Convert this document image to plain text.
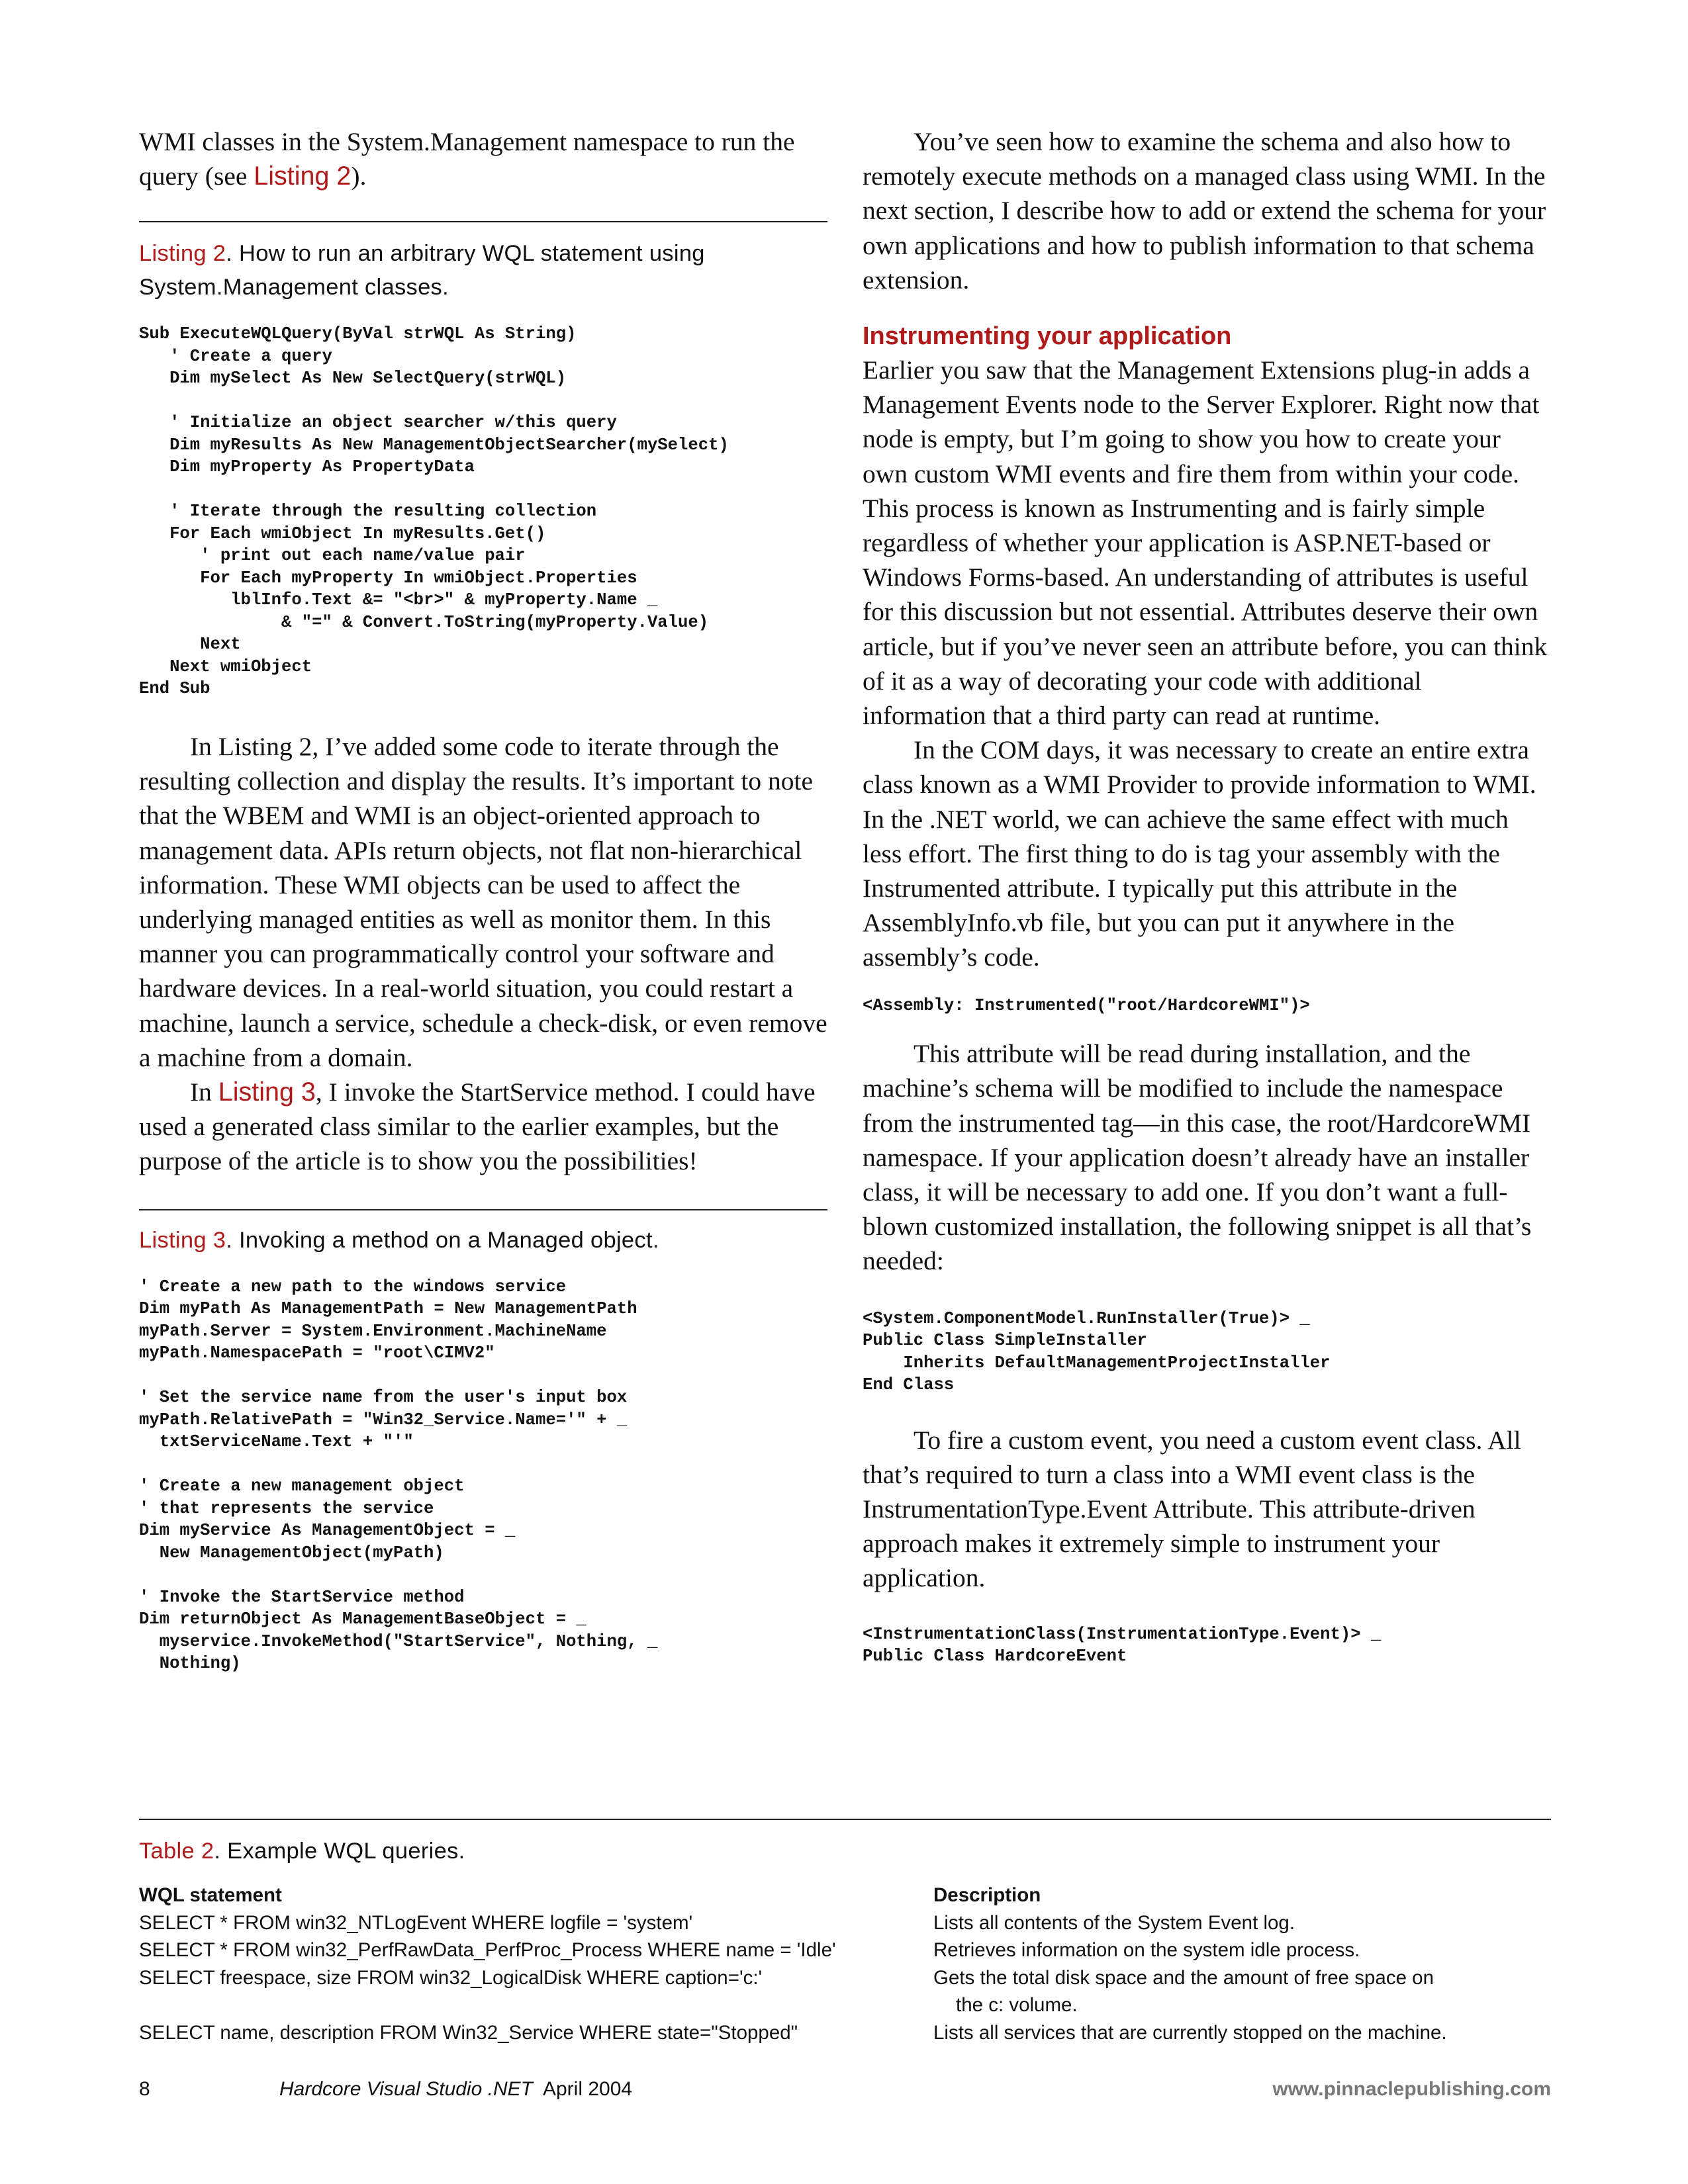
WMI classes in the System.Management namespace to run the query (see Listing 2).

Listing 2. How to run an arbitrary WQL statement using System.Management classes.

Sub ExecuteWQLQuery(ByVal strWQL As String)
' Create a query
Dim mySelect As New SelectQuery(strWQL)

' Initialize an object searcher w/this query
Dim myResults As New ManagementObjectSearcher(mySelect)
Dim myProperty As PropertyData

' Iterate through the resulting collection
For Each wmiObject In myResults.Get()
' print out each name/value pair
For Each myProperty In wmiObject.Properties
lblInfo.Text &= "<br>" & myProperty.Name _
& "=" & Convert.ToString(myProperty.Value)
Next
Next wmiObject
End Sub

In Listing 2, I’ve added some code to iterate through the resulting collection and display the results. It’s important to note that the WBEM and WMI is an object-oriented approach to management data. APIs return objects, not flat non-hierarchical information. These WMI objects can be used to affect the underlying managed entities as well as monitor them. In this manner you can programmatically control your software and hardware devices. In a real-world situation, you could restart a machine, launch a service, schedule a check-disk, or even remove a machine from a domain.

In Listing 3, I invoke the StartService method. I could have used a generated class similar to the earlier examples, but the purpose of the article is to show you the possibilities!

Listing 3. Invoking a method on a Managed object.

' Create a new path to the windows service
Dim myPath As ManagementPath = New ManagementPath
myPath.Server = System.Environment.MachineName
myPath.NamespacePath = "root\CIMV2"

' Set the service name from the user's input box
myPath.RelativePath = "Win32_Service.Name='" + _
txtServiceName.Text + "'"

' Create a new management object
' that represents the service
Dim myService As ManagementObject = _
New ManagementObject(myPath)

' Invoke the StartService method
Dim returnObject As ManagementBaseObject = _
myservice.InvokeMethod("StartService", Nothing, _
Nothing)

You’ve seen how to examine the schema and also how to remotely execute methods on a managed class using WMI. In the next section, I describe how to add or extend the schema for your own applications and how to publish information to that schema extension.

Instrumenting your application

Earlier you saw that the Management Extensions plug-in adds a Management Events node to the Server Explorer. Right now that node is empty, but I’m going to show you how to create your own custom WMI events and fire them from within your code. This process is known as Instrumenting and is fairly simple regardless of whether your application is ASP.NET-based or Windows Forms-based. An understanding of attributes is useful for this discussion but not essential. Attributes deserve their own article, but if you’ve never seen an attribute before, you can think of it as a way of decorating your code with additional information that a third party can read at runtime.

In the COM days, it was necessary to create an entire extra class known as a WMI Provider to provide information to WMI. In the .NET world, we can achieve the same effect with much less effort. The first thing to do is tag your assembly with the Instrumented attribute. I typically put this attribute in the AssemblyInfo.vb file, but you can put it anywhere in the assembly’s code.

<Assembly: Instrumented("root/HardcoreWMI")>

This attribute will be read during installation, and the machine’s schema will be modified to include the namespace from the instrumented tag—in this case, the root/HardcoreWMI namespace. If your application doesn’t already have an installer class, it will be necessary to add one. If you don’t want a full-blown customized installation, the following snippet is all that’s needed:

<System.ComponentModel.RunInstaller(True)> _
Public Class SimpleInstaller
Inherits DefaultManagementProjectInstaller
End Class

To fire a custom event, you need a custom event class. All that’s required to turn a class into a WMI event class is the InstrumentationType.Event Attribute. This attribute-driven approach makes it extremely simple to instrument your application.

<InstrumentationClass(InstrumentationType.Event)> _
Public Class HardcoreEvent

Table 2. Example WQL queries.

WQL statement	Description
SELECT * FROM win32_NTLogEvent WHERE logfile = 'system'	Lists all contents of the System Event log.
SELECT * FROM win32_PerfRawData_PerfProc_Process WHERE name = 'Idle'	Retrieves information on the system idle process.
SELECT freespace, size FROM win32_LogicalDisk WHERE caption='c:'	Gets the total disk space and the amount of free space on
the c: volume.
SELECT name, description FROM Win32_Service WHERE state="Stopped"	Lists all services that are currently stopped on the machine.
8	Hardcore Visual Studio .NET April 2004	www.pinnaclepublishing.com
